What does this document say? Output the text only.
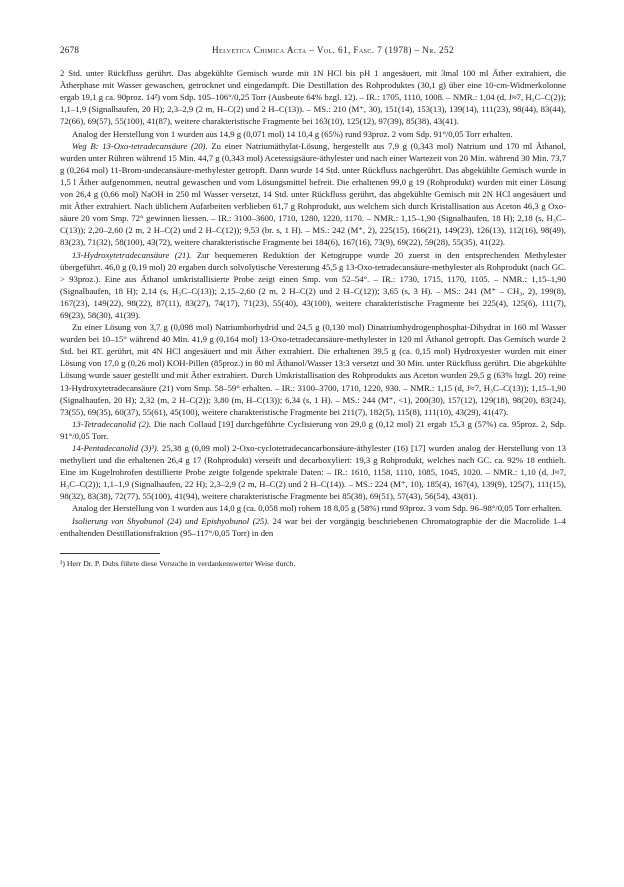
2678	Helvetica Chimica Acta – Vol. 61, Fasc. 7 (1978) – Nr. 252

2 Std. unter Rückfluss gerührt. Das abgekühlte Gemisch wurde mit 1N HCl bis pH 1 angesäuert, mit 3mal 100 ml Äther extrahiert, die Ätherphase mit Wasser gewaschen, getrocknet und eingedampft. Die Destillation des Rohproduktes (30,1 g) über eine 10-cm-Widmerkolonne ergab 19,1 g ca. 90proz. 14²) vom Sdp. 105–106°/0,25 Torr (Ausbeute 64% bzgl. 12). – IR.: 1705, 1110, 1008. – NMR.: 1,04 (d, J≈7, H₃C–C(2)); 1,1–1,9 (Signalhaufen, 20 H); 2,3–2,9 (2 m, H–C(2) und 2 H–C(13)). – MS.: 210 (M⁺, 30), 151(14), 153(13), 139(14), 111(23), 98(44), 83(44), 72(66), 69(57), 55(100), 41(87), weitere charakteristische Fragmente bei 163(10), 125(12), 97(39), 85(38), 43(41).

Analog der Herstellung von 1 wurden aus 14,9 g (0,071 mol) 14 10,4 g (65%) rund 93proz. 2 vom Sdp. 91°/0,05 Torr erhalten.

Weg B: 13-Oxo-tetradecansäure (20). Zu einer Natriumäthylat-Lösung, hergestellt aus 7,9 g (0,343 mol) Natrium und 170 ml Äthanol, wurden unter Rühren während 15 Min. 44,7 g (0,343 mol) Acetessigsäure-äthylester und nach einer Wartezeit von 20 Min. während 30 Min. 73,7 g (0,264 mol) 11-Brom-undecansäure-methylester getropft. Dann wurde 14 Std. unter Rückfluss nachgerührt. Das abgekühlte Gemisch wurde in 1,5 l Äther aufgenommen, neutral gewaschen und vom Lösungsmittel befreit. Die erhaltenen 99,0 g 19 (Rohprodukt) wurden mit einer Lösung von 26,4 g (0,66 mol) NaOH in 250 ml Wasser versetzt, 14 Std. unter Rückfluss gerührt, das abgekühlte Gemisch mit 2N HCl angesäuert und mit Äther extrahiert. Nach üblichem Aufarbeiten verblieben 61,7 g Rohprodukt, aus welchem sich durch Kristallisation aus Aceton 46,3 g Oxo-säure 20 vom Smp. 72° gewinnen liessen. – IR.: 3100–3600, 1710, 1280, 1220, 1170. – NMR.: 1,15–1,90 (Signalhaufen, 18 H); 2,18 (s, H₃C–C(13)); 2,20–2,60 (2 m, 2 H–C(2) und 2 H–C(12)); 9,53 (br. s, 1 H). – MS.: 242 (M⁺, 2), 225(15), 166(21), 149(23), 126(13), 112(16), 98(49), 83(23), 71(32), 58(100), 43(72), weitere charakteristische Fragmente bei 184(6), 167(16), 73(9), 69(22), 59(28), 55(35), 41(22).

13-Hydroxytetradecansäure (21). Zur bequemeren Reduktion der Ketogruppe wurde 20 zuerst in den entsprechenden Methylester übergeführt. 46,0 g (0,19 mol) 20 ergaben durch solvolytische Veresterung 45,5 g 13-Oxo-tetradecansäure-methylester als Rohprodukt (nach GC. > 93proz.). Eine aus Äthanol umkristallisierte Probe zeigt einen Smp. von 52–54°. – IR.: 1730, 1715, 1170, 1105. – NMR.: 1,15–1,90 (Signalhaufen, 18 H); 2,14 (s, H₃C–C(13)); 2,15–2,60 (2 m, 2 H–C(2) und 2 H–C(12)); 3,65 (s, 3 H). – MS.: 241 (M⁺ – CH₃, 2), 199(8), 167(23), 149(22), 98(22), 87(11), 83(27), 74(17), 71(23), 55(40), 43(100), weitere charakteristische Fragmente bei 225(4), 125(6), 111(7), 69(23), 58(30), 41(39).

Zu einer Lösung von 3,7 g (0,098 mol) Natriumborhydrid und 24,5 g (0,130 mol) Dinatriumhydrogenphosphat-Dihydrat in 160 ml Wasser wurden bei 10–15° während 40 Min. 41,9 g (0,164 mol) 13-Oxo-tetradecansäure-methylester in 120 ml Äthanol getropft. Das Gemisch wurde 2 Std. bei RT. gerührt, mit 4N HCl angesäuert und mit Äther extrahiert. Die erhaltenen 39,5 g (ca. 0,15 mol) Hydroxyester wurden mit einer Lösung von 17,0 g (0,26 mol) KOH-Pillen (85proz.) in 80 ml Äthanol/Wasser 13:3 versetzt und 30 Min. unter Rückfluss gerührt. Die abgekühlte Lösung wurde sauer gestellt und mit Äther extrahiert. Durch Umkristallisation des Rohprodukts aus Aceton wurden 29,5 g (63% bzgl. 20) reine 13-Hydroxytetradecansäure (21) vom Smp. 58–59° erhalten. – IR.: 3100–3700, 1710, 1220, 930. – NMR.: 1,15 (d, J≈7, H₃C–C(13)); 1,15–1,90 (Signalhaufen, 20 H); 2,32 (m, 2 H–C(2)); 3,80 (m, H–C(13)); 6,34 (s, 1 H). – MS.: 244 (M⁺, <1), 200(30), 157(12), 129(18), 98(20), 83(24), 73(55), 69(35), 60(37), 55(61), 45(100), weitere charakteristische Fragmente bei 211(7), 182(5), 115(8), 111(10), 43(29), 41(47).

13-Tetradecanolid (2). Die nach Collaud [19] durchgeführte Cyclisierung von 29,0 g (0,12 mol) 21 ergab 15,3 g (57%) ca. 95proz. 2, Sdp. 91°/0,05 Torr.

14-Pentadecanolid (3)³). 25,38 g (0,09 mol) 2-Oxo-cyclotetradecancarbonsäure-äthylester (16) [17] wurden analog der Herstellung von 13 methyliert und die erhaltenen 26,4 g 17 (Rohprodukt) verseift und decarboxyliert: 19,3 g Rohprodukt, welches nach GC. ca. 92% 18 enthielt. Eine im Kugelrohrofen destillierte Probe zeigte folgende spektrale Daten: – IR.: 1610, 1158, 1110, 1085, 1045, 1020. – NMR.: 1,10 (d, J≈7, H₃C–C(2)); 1,1–1,9 (Signalhaufen, 22 H); 2,3–2,9 (2 m, H–C(2) und 2 H–C(14)). – MS.: 224 (M⁺, 10), 185(4), 167(4), 139(9), 125(7), 111(15), 98(32), 83(38), 72(77), 55(100), 41(94), weitere charakteristische Fragmente bei 85(38), 69(51), 57(43), 56(54), 43(81).

Analog der Herstellung von 1 wurden aus 14,0 g (ca. 0,058 mol) rohem 18 8,05 g (58%) rund 93proz. 3 vom Sdp. 96–98°/0,05 Torr erhalten.

Isolierung von Shyobunol (24) und Epishyobunol (25). 24 war bei der vorgängig beschriebenen Chromatographie der die Macrolide 1–4 enthaltenden Destillationsfraktion (95–117°/0,05 Torr) in den

³) Herr Dr. P. Dubs führte diese Versuche in verdankenswerter Weise durch.
